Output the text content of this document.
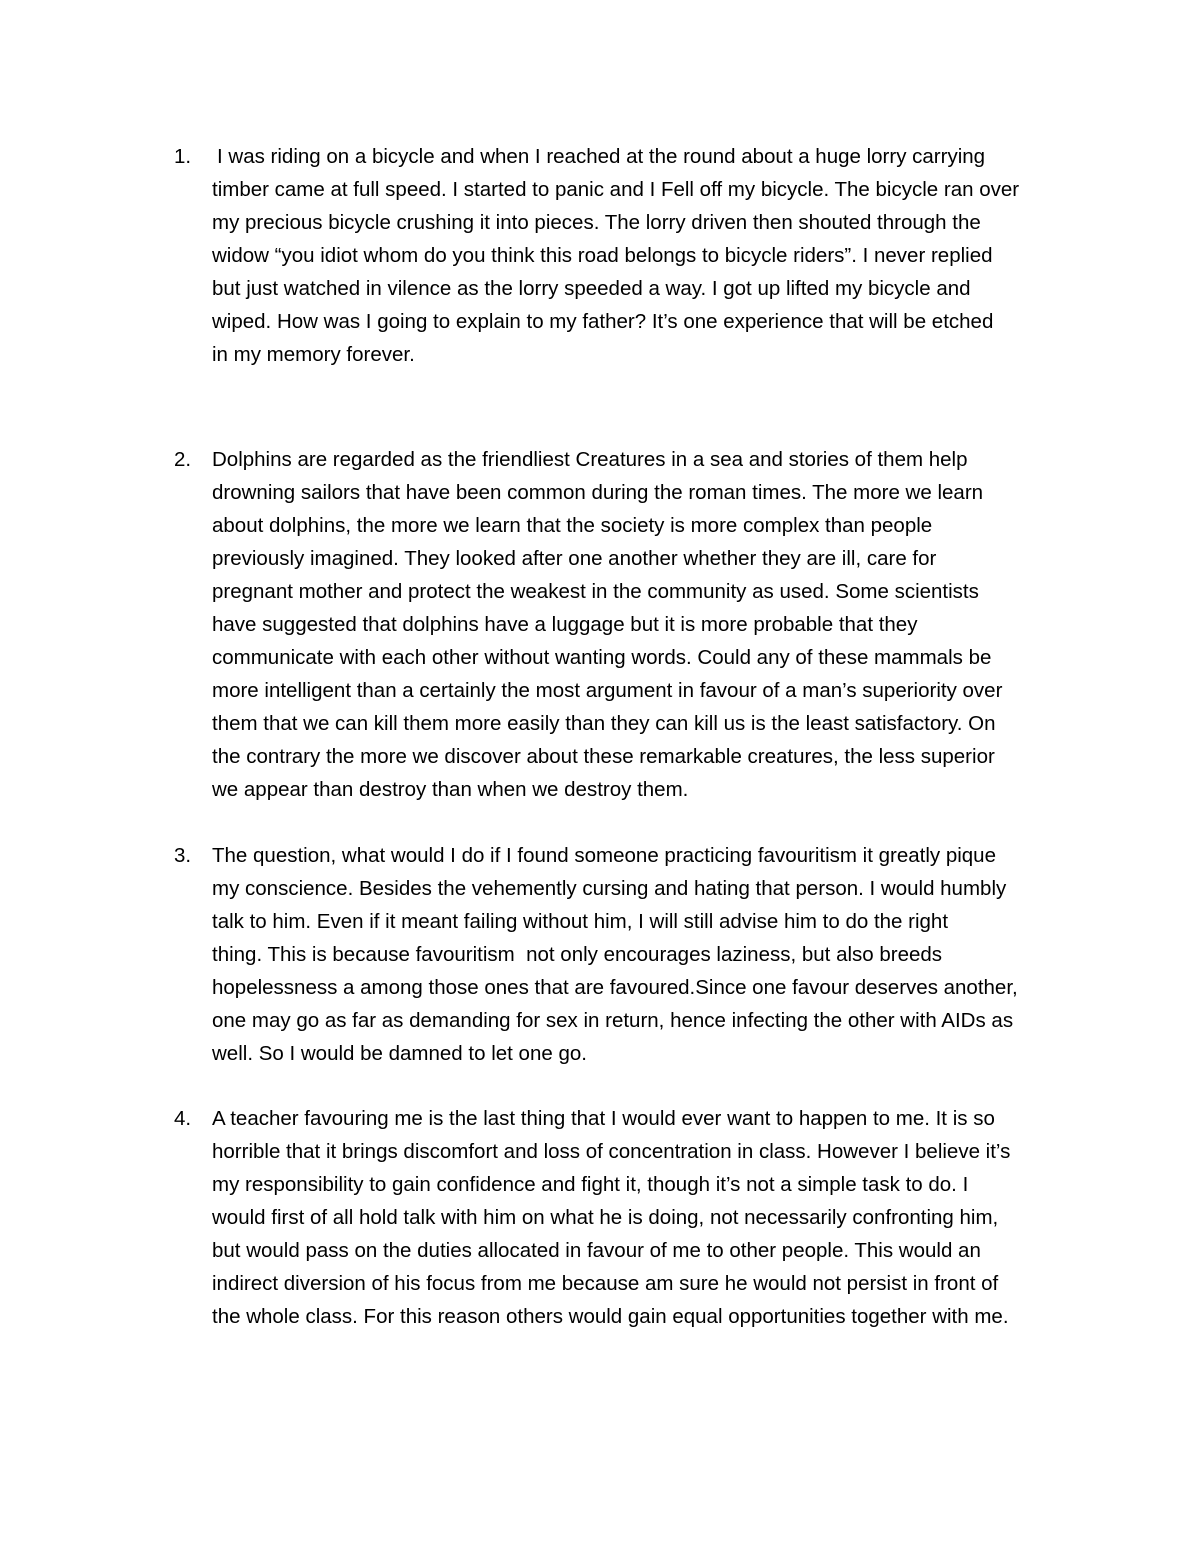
1. I was riding on a bicycle and when I reached at the round about a huge lorry carrying
timber came at full speed. I started to panic and I Fell off my bicycle. The bicycle ran over
my precious bicycle crushing it into pieces. The lorry driven then shouted through the
widow “you idiot whom do you think this road belongs to bicycle riders”. I never replied
but just watched in vilence as the lorry speeded a way. I got up lifted my bicycle and
wiped. How was I going to explain to my father? It’s one experience that will be etched
in my memory forever.
2. Dolphins are regarded as the friendliest Creatures in a sea and stories of them help
drowning sailors that have been common during the roman times. The more we learn
about dolphins, the more we learn that the society is more complex than people
previously imagined. They looked after one another whether they are ill, care for
pregnant mother and protect the weakest in the community as used. Some scientists
have suggested that dolphins have a luggage but it is more probable that they
communicate with each other without wanting words. Could any of these mammals be
more intelligent than a certainly the most argument in favour of a man’s superiority over
them that we can kill them more easily than they can kill us is the least satisfactory. On
the contrary the more we discover about these remarkable creatures, the less superior
we appear than destroy than when we destroy them.
3. The question, what would I do if I found someone practicing favouritism it greatly pique
my conscience. Besides the vehemently cursing and hating that person. I would humbly
talk to him. Even if it meant failing without him, I will still advise him to do the right
thing. This is because favouritism  not only encourages laziness, but also breeds
hopelessness a among those ones that are favoured.Since one favour deserves another,
one may go as far as demanding for sex in return, hence infecting the other with AIDs as
well. So I would be damned to let one go.
4. A teacher favouring me is the last thing that I would ever want to happen to me. It is so
horrible that it brings discomfort and loss of concentration in class. However I believe it’s
my responsibility to gain confidence and fight it, though it’s not a simple task to do. I
would first of all hold talk with him on what he is doing, not necessarily confronting him,
but would pass on the duties allocated in favour of me to other people. This would an
indirect diversion of his focus from me because am sure he would not persist in front of
the whole class. For this reason others would gain equal opportunities together with me.
